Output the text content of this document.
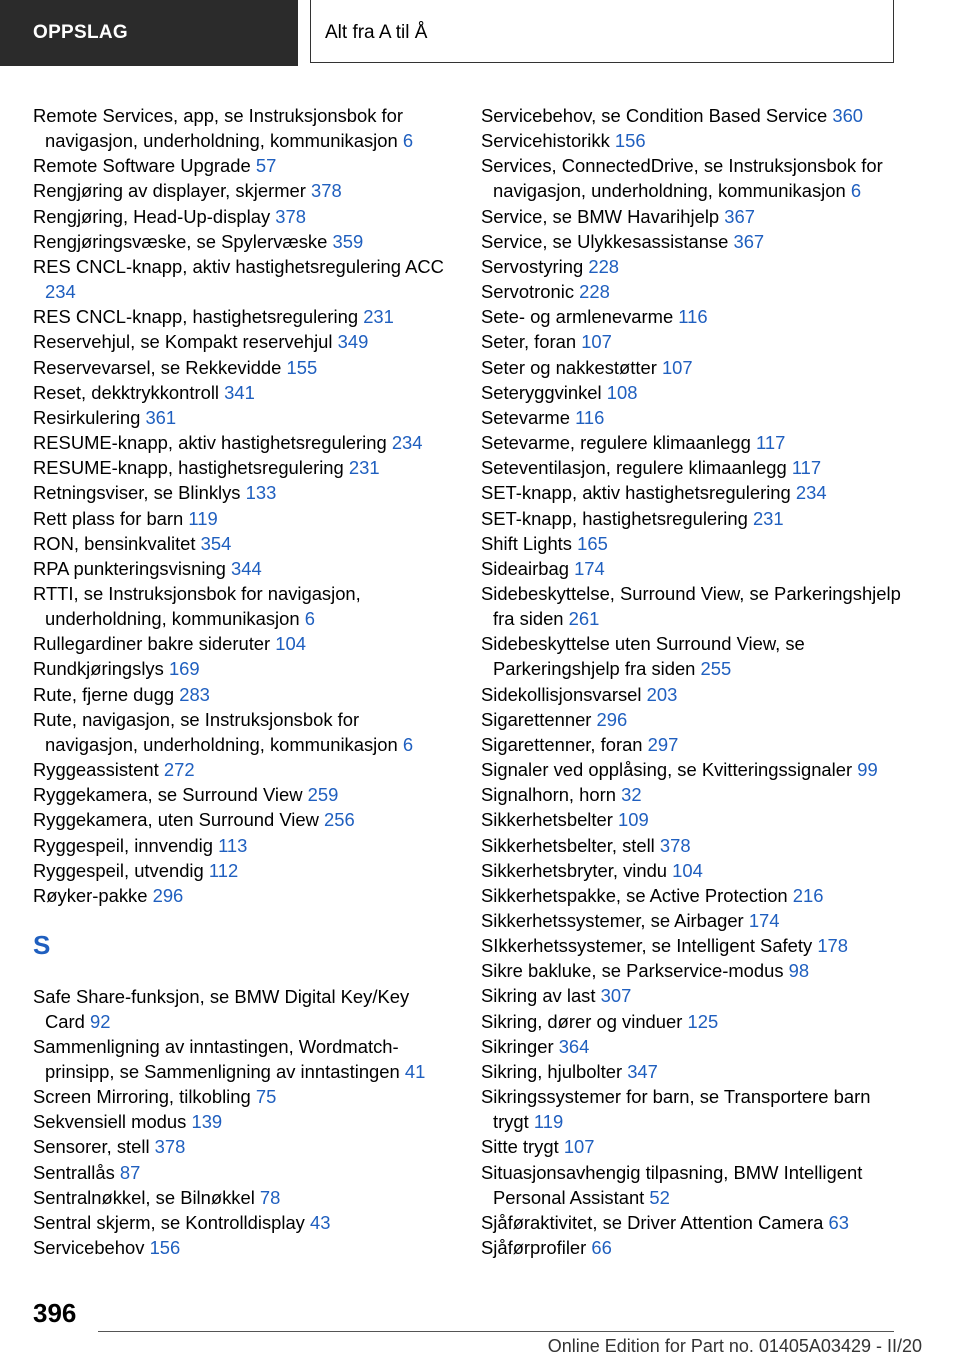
OPPSLAG	Alt fra A til Å
Remote Services, app, se Instruksjonsbok for navigasjon, underholdning, kommunikasjon 6
Remote Software Upgrade 57
Rengjøring av displayer, skjermer 378
Rengjøring, Head-Up-display 378
Rengjøringsvæske, se Spylervæske 359
RES CNCL-knapp, aktiv hastighetsregulering ACC 234
RES CNCL-knapp, hastighetsregulering 231
Reservehjul, se Kompakt reservehjul 349
Reservevarsel, se Rekkevidde 155
Reset, dekktrykkontroll 341
Resirkulering 361
RESUME-knapp, aktiv hastighetsregulering 234
RESUME-knapp, hastighetsregulering 231
Retningsviser, se Blinklys 133
Rett plass for barn 119
RON, bensinkvalitet 354
RPA punkteringsvisning 344
RTTI, se Instruksjonsbok for navigasjon, underholdning, kommunikasjon 6
Rullegardiner bakre sideruter 104
Rundkjøringslys 169
Rute, fjerne dugg 283
Rute, navigasjon, se Instruksjonsbok for navigasjon, underholdning, kommunikasjon 6
Ryggeassistent 272
Ryggekamera, se Surround View 259
Ryggekamera, uten Surround View 256
Ryggespeil, innvendig 113
Ryggespeil, utvendig 112
Røyker-pakke 296
S
Safe Share-funksjon, se BMW Digital Key/Key Card 92
Sammenligning av inntastingen, Wordmatch-prinsipp, se Sammenligning av inntastingen 41
Screen Mirroring, tilkobling 75
Sekvensiell modus 139
Sensorer, stell 378
Sentrallås 87
Sentralnøkkel, se Bilnøkkel 78
Sentral skjerm, se Kontrolldisplay 43
Servicebehov 156
Servicebehov, se Condition Based Service 360
Servicehistorikk 156
Services, ConnectedDrive, se Instruksjonsbok for navigasjon, underholdning, kommunikasjon 6
Service, se BMW Havarihjelp 367
Service, se Ulykkesassistanse 367
Servostyring 228
Servotronic 228
Sete- og armlenevarme 116
Seter, foran 107
Seter og nakkestøtter 107
Seteryggvinkel 108
Setevarme 116
Setevarme, regulere klimaanlegg 117
Seteventilasjon, regulere klimaanlegg 117
SET-knapp, aktiv hastighetsregulering 234
SET-knapp, hastighetsregulering 231
Shift Lights 165
Sideairbag 174
Sidebeskyttelse, Surround View, se Parkeringshjelp fra siden 261
Sidebeskyttelse uten Surround View, se Parkeringshjelp fra siden 255
Sidekollisjonsvarsel 203
Sigarettenner 296
Sigarettenner, foran 297
Signaler ved opplåsing, se Kvitteringssignaler 99
Signalhorn, horn 32
Sikkerhetsbelter 109
Sikkerhetsbelter, stell 378
Sikkerhetsbryter, vindu 104
Sikkerhetspakke, se Active Protection 216
Sikkerhetssystemer, se Airbager 174
SIkkerhetssystemer, se Intelligent Safety 178
Sikre bakluke, se Parkservice-modus 98
Sikring av last 307
Sikring, dører og vinduer 125
Sikringer 364
Sikring, hjulbolter 347
Sikringssystemer for barn, se Transportere barn trygt 119
Sitte trygt 107
Situasjonsavhengig tilpasning, BMW Intelligent Personal Assistant 52
Sjåføraktivitet, se Driver Attention Camera 63
Sjåførprofiler 66
396
Online Edition for Part no. 01405A03429 - II/20
